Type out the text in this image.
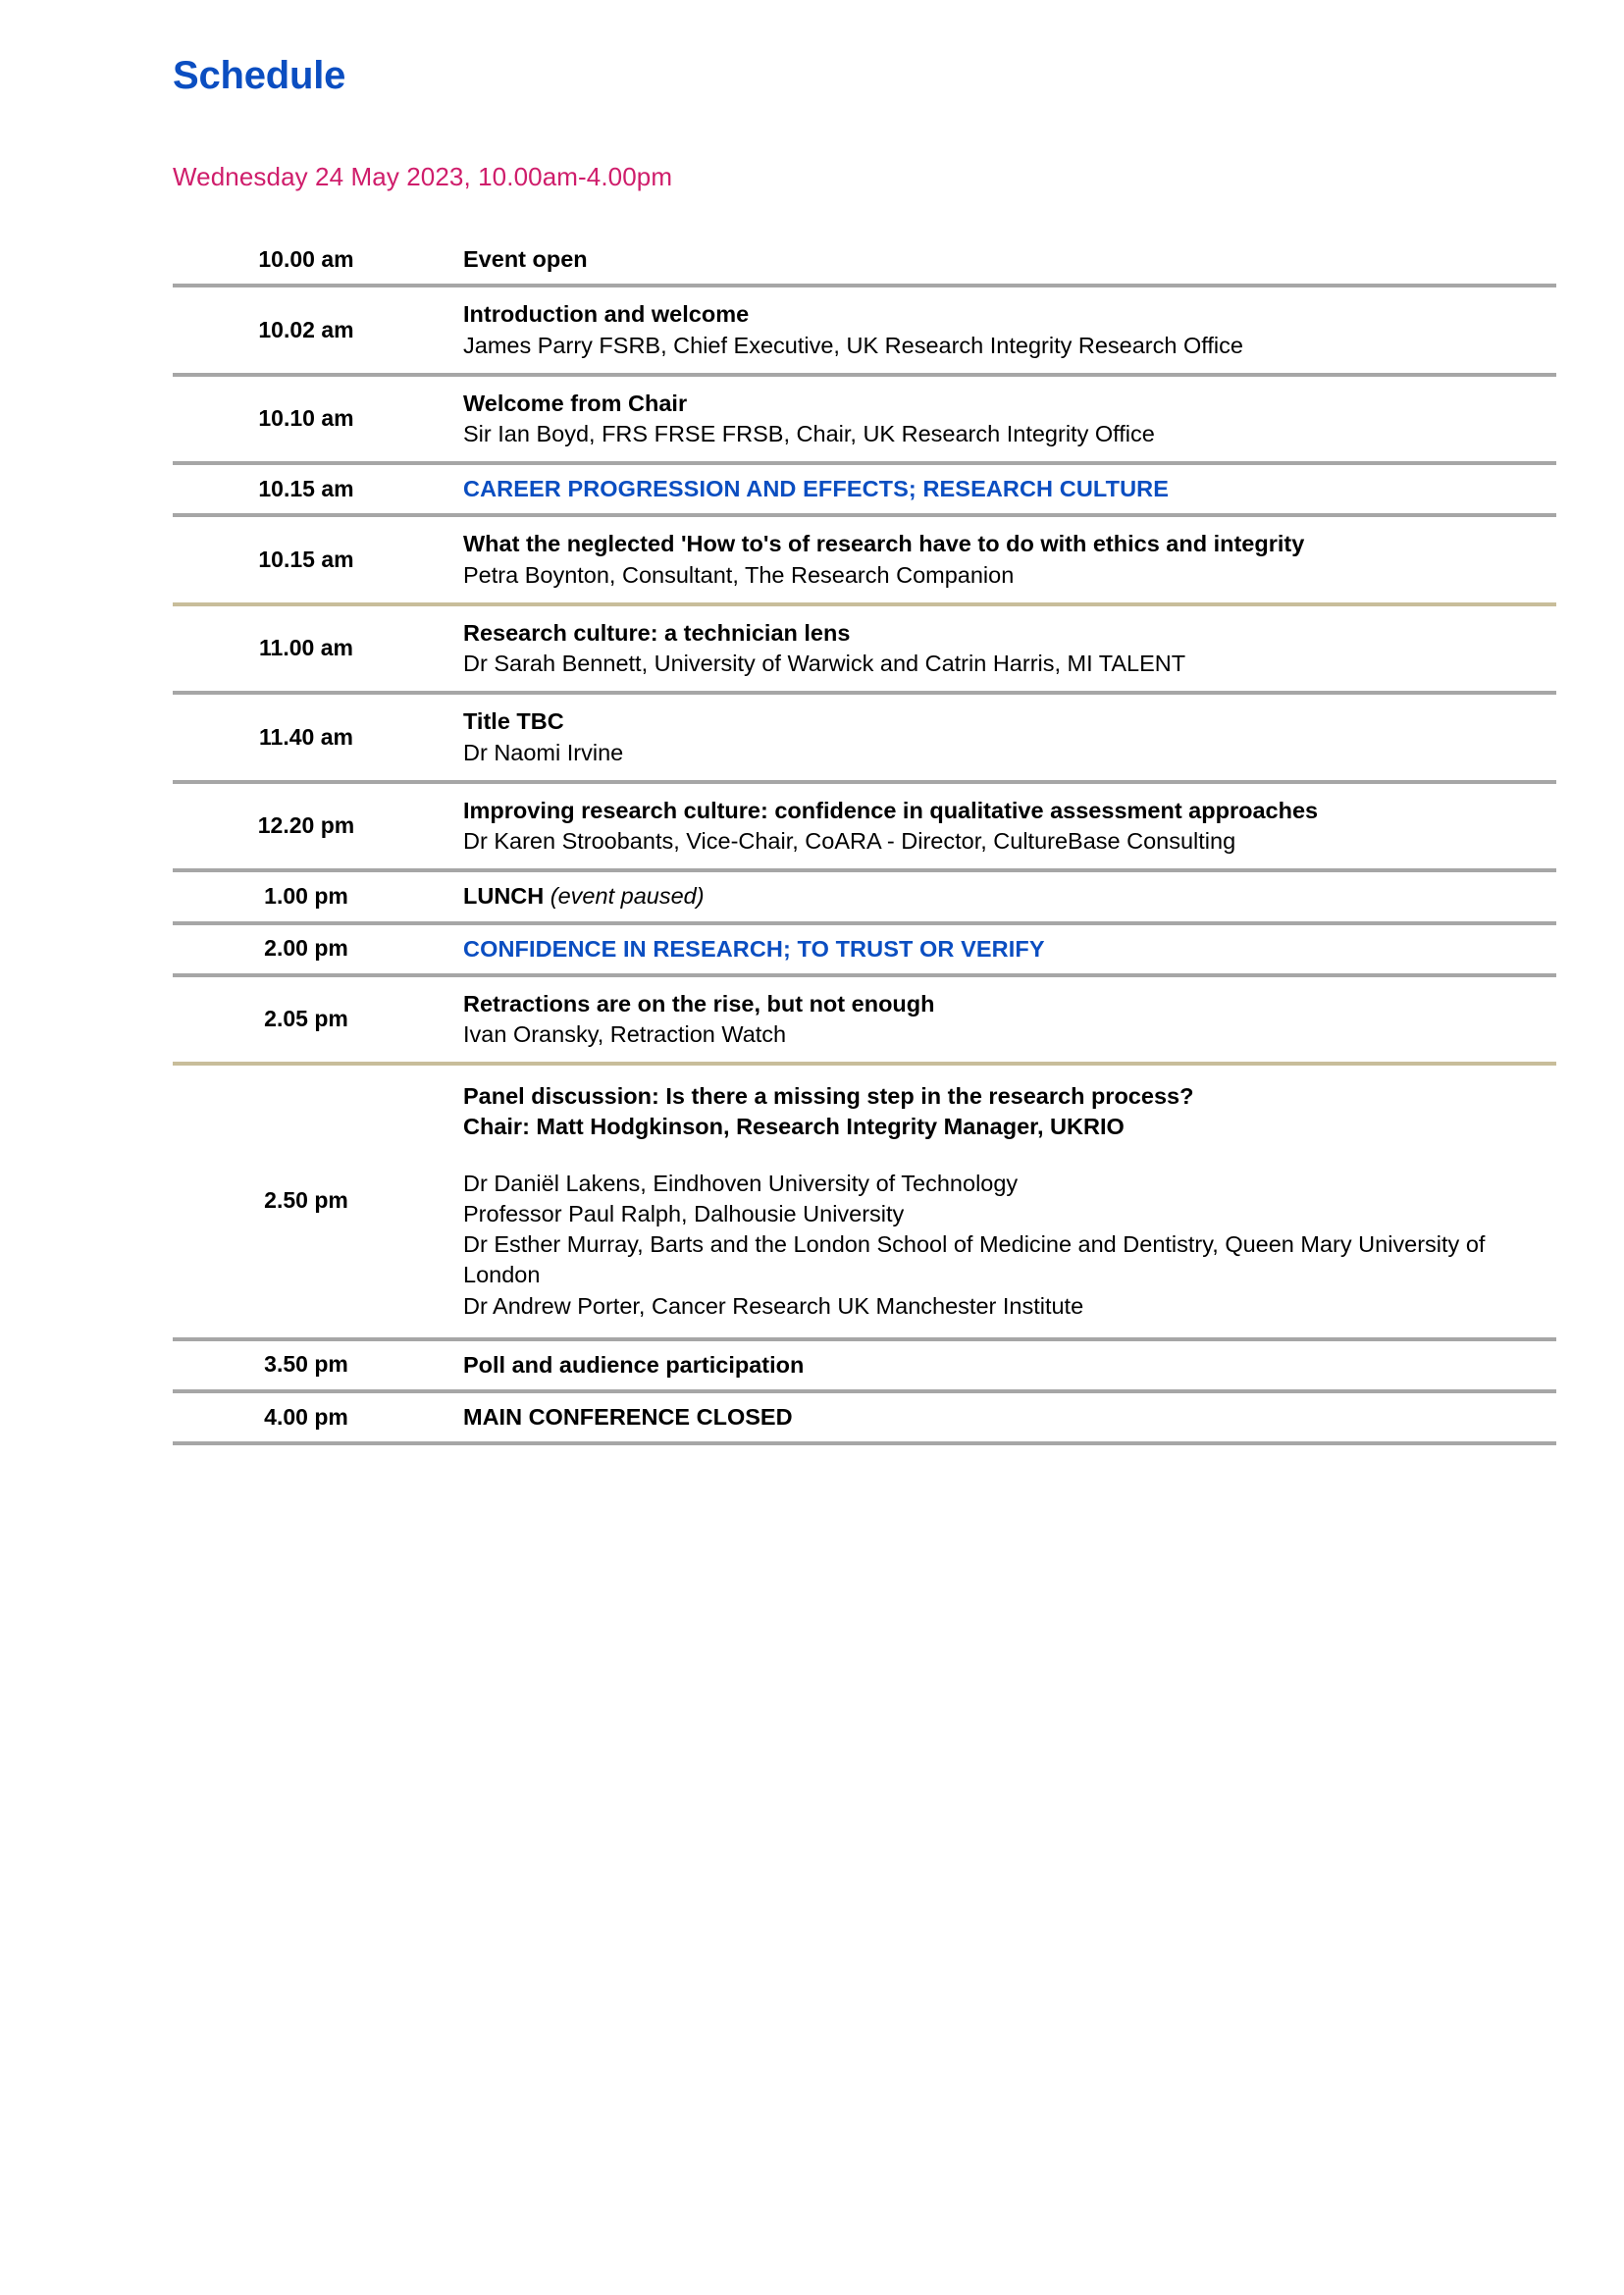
Schedule
Wednesday 24 May 2023, 10.00am-4.00pm
10.00 am	Event open

10.02 am
Introduction and welcome
James Parry FSRB, Chief Executive, UK Research Integrity Research Office

10.10 am
Welcome from Chair
Sir Ian Boyd, FRS FRSE FRSB, Chair, UK Research Integrity Office

10.15 am	CAREER PROGRESSION AND EFFECTS; RESEARCH CULTURE

10.15 am
What the neglected 'How to's of research have to do with ethics and integrity
Petra Boynton, Consultant, The Research Companion

11.00 am
Research culture: a technician lens
Dr Sarah Bennett, University of Warwick and Catrin Harris, MI TALENT

11.40 am
Title TBC
Dr Naomi Irvine

12.20 pm
Improving research culture: confidence in qualitative assessment approaches
Dr Karen Stroobants, Vice-Chair, CoARA - Director, CultureBase Consulting

1.00 pm	LUNCH (event paused)

2.00 pm	CONFIDENCE IN RESEARCH; TO TRUST OR VERIFY

2.05 pm
Retractions are on the rise, but not enough
Ivan Oransky, Retraction Watch

2.50 pm
Panel discussion: Is there a missing step in the research process?
Chair: Matt Hodgkinson, Research Integrity Manager, UKRIO
Dr Daniël Lakens, Eindhoven University of Technology
Professor Paul Ralph, Dalhousie University
Dr Esther Murray, Barts and the London School of Medicine and Dentistry, Queen Mary University of London
Dr Andrew Porter, Cancer Research UK Manchester Institute

3.50 pm	Poll and audience participation

4.00 pm	MAIN CONFERENCE CLOSED
